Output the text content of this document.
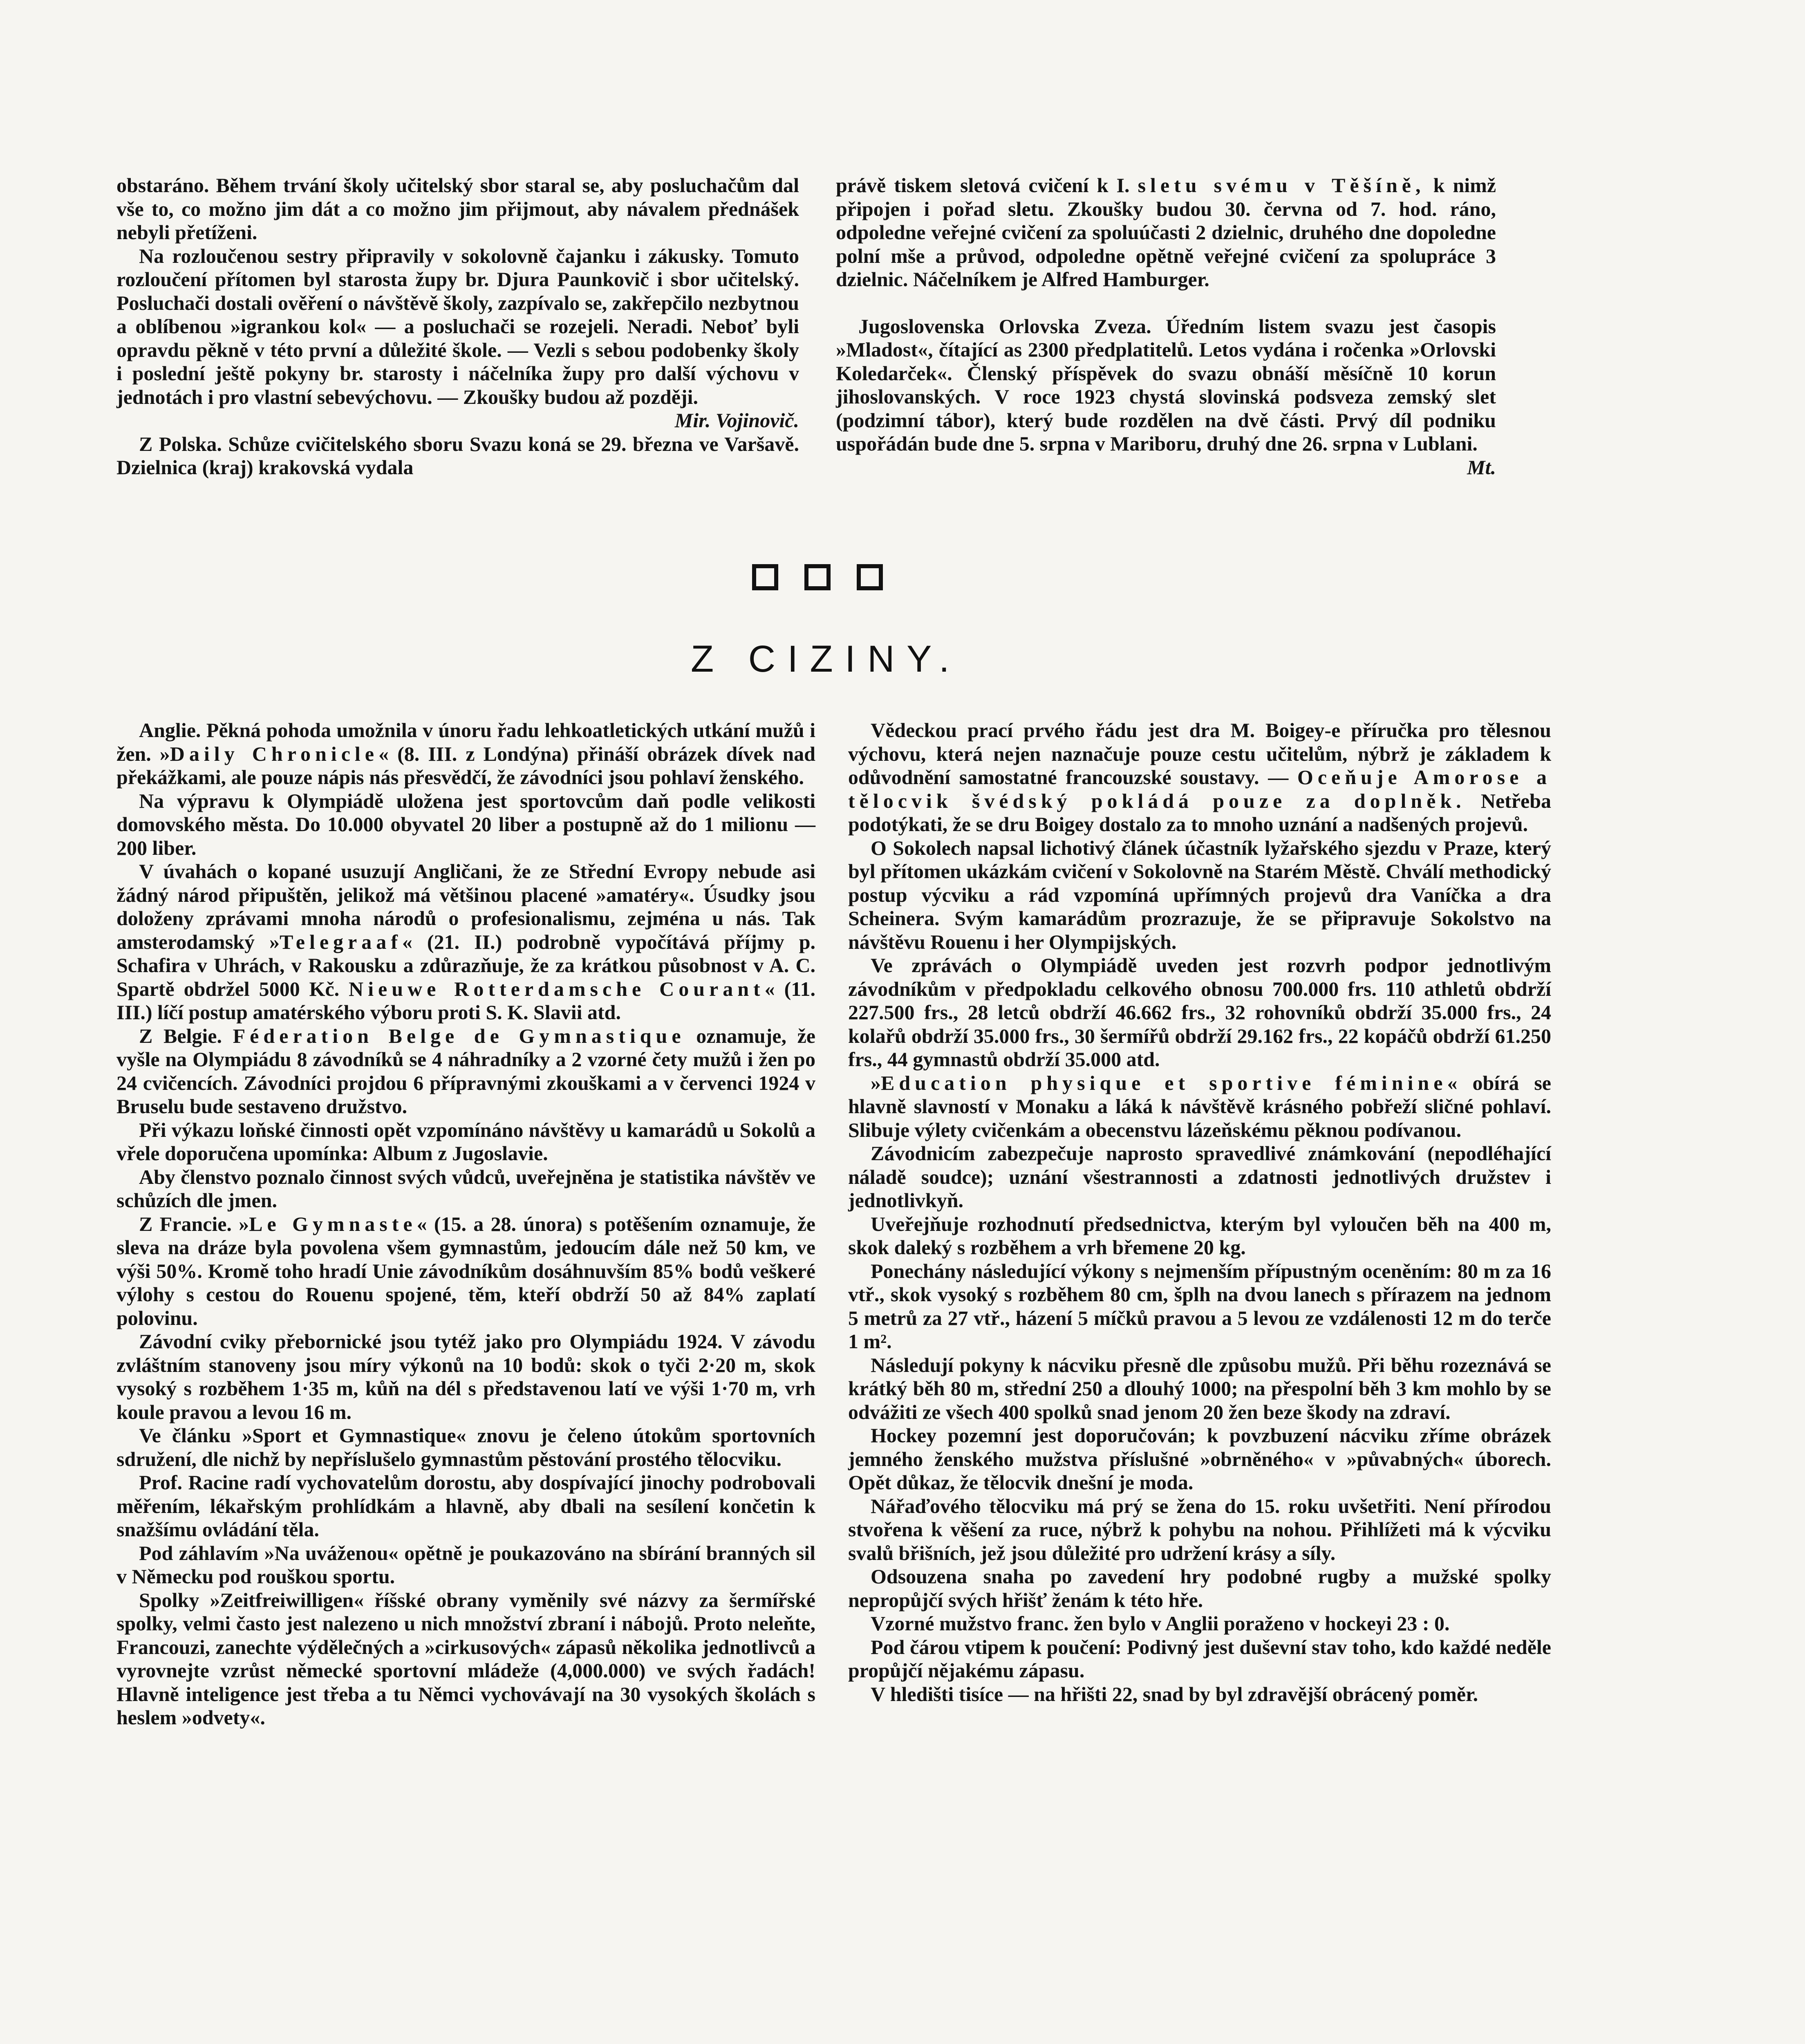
obstaráno. Během trvání školy učitelský sbor staral se, aby posluchačům dal vše to, co možno jim dát a co možno jim přijmout, aby návalem přednášek nebyli přetíženi.

Na rozloučenou sestry připravily v sokolovně čajanku i zákusky. Tomuto rozloučení přítomen byl starosta župy br. Djura Paunkovič i sbor učitelský. Posluchači dostali ověření o návštěvě školy, zazpívalo se, zakřepčilo nezbytnou a oblíbenou »igrankou kol« — a posluchači se rozejeli. Neradi. Neboť byli opravdu pěkně v této první a důležité škole. — Vezli s sebou podobenky školy i poslední ještě pokyny br. starosty i náčelníka župy pro další výchovu v jednotách i pro vlastní sebevýchovu. — Zkoušky budou až později.

Mir. Vojinovič.

Z Polska. Schůze cvičitelského sboru Svazu koná se 29. března ve Varšavě. Dzielnica (kraj) krakovská vydala

právě tiskem sletová cvičení k I. sletu svému v Těšíně, k nimž připojen i pořad sletu. Zkoušky budou 30. června od 7. hod. ráno, odpoledne veřejné cvičení za spoluúčasti 2 dzielnic, druhého dne dopoledne polní mše a průvod, odpoledne opětně veřejné cvičení za spolupráce 3 dzielnic. Náčelníkem je Alfred Hamburger.

Jugoslovenska Orlovska Zveza. Úředním listem svazu jest časopis »Mladost«, čítající as 2300 předplatitelů. Letos vydána i ročenka »Orlovski Koledarček«. Členský příspěvek do svazu obnáší měsíčně 10 korun jihoslovanských. V roce 1923 chystá slovinská podsveza zemský slet (podzimní tábor), který bude rozdělen na dvě části. Prvý díl podniku uspořádán bude dne 5. srpna v Mariboru, druhý dne 26. srpna v Lublani.
Mt.

Z CIZINY.

Anglie. Pěkná pohoda umožnila v únoru řadu lehkoatletických utkání mužů i žen. »Daily Chronicle« (8. III. z Londýna) přináší obrázek dívek nad překážkami, ale pouze nápis nás přesvědčí, že závodníci jsou pohlaví ženského.

Na výpravu k Olympiádě uložena jest sportovcům daň podle velikosti domovského města. Do 10.000 obyvatel 20 liber a postupně až do 1 milionu — 200 liber.

V úvahách o kopané usuzují Angličani, že ze Střední Evropy nebude asi žádný národ připuštěn, jelikož má většinou placené »amatéry«. Úsudky jsou doloženy zprávami mnoha národů o profesionalismu, zejména u nás. Tak amsterodamský »Telegraaf« (21. II.) podrobně vypočítává příjmy p. Schafira v Uhrách, v Rakousku a zdůrazňuje, že za krátkou působnost v A. C. Spartě obdržel 5000 Kč. Nieuwe Rotterdamsche Courant« (11. III.) líčí postup amatérského výboru proti S. K. Slavii atd.

Z Belgie. Féderation Belge de Gymnastique oznamuje, že vyšle na Olympiádu 8 závodníků se 4 náhradníky a 2 vzorné čety mužů i žen po 24 cvičencích. Závodníci projdou 6 přípravnými zkouškami a v červenci 1924 v Bruselu bude sestaveno družstvo.

Při výkazu loňské činnosti opět vzpomínáno návštěvy u kamarádů u Sokolů a vřele doporučena upomínka: Album z Jugoslavie.

Aby členstvo poznalo činnost svých vůdců, uveřejněna je statistika návštěv ve schůzích dle jmen.

Z Francie. »Le Gymnaste« (15. a 28. února) s potěšením oznamuje, že sleva na dráze byla povolena všem gymnastům, jedoucím dále než 50 km, ve výši 50%. Kromě toho hradí Unie závodníkům dosáhnuvším 85% bodů veškeré výlohy s cestou do Rouenu spojené, těm, kteří obdrží 50 až 84% zaplatí polovinu.

Závodní cviky přebornické jsou tytéž jako pro Olympiádu 1924. V závodu zvláštním stanoveny jsou míry výkonů na 10 bodů: skok o tyči 2·20 m, skok vysoký s rozběhem 1·35 m, kůň na dél s představenou latí ve výši 1·70 m, vrh koule pravou a levou 16 m.

Ve článku »Sport et Gymnastique« znovu je čeleno útokům sportovních sdružení, dle nichž by nepříslušelo gymnastům pěstování prostého tělocviku.

Prof. Racine radí vychovatelům dorostu, aby dospívající jinochy podrobovali měřením, lékařským prohlídkám a hlavně, aby dbali na sesílení končetin k snažšímu ovládání těla.

Pod záhlavím »Na uváženou« opětně je poukazováno na sbírání branných sil v Německu pod rouškou sportu.

Spolky »Zeitfreiwilligen« říšské obrany vyměnily své názvy za šermířské spolky, velmi často jest nalezeno u nich množství zbraní i nábojů. Proto neleňte, Francouzi, zanechte výdělečných a »cirkusových« zápasů několika jednotlivců a vyrovnejte vzrůst německé sportovní mládeže (4,000.000) ve svých řadách! Hlavně inteligence jest třeba a tu Němci vychovávají na 30 vysokých školách s heslem »odvety«.

Vědeckou prací prvého řádu jest dra M. Boigey-e příručka pro tělesnou výchovu, která nejen naznačuje pouze cestu učitelům, nýbrž je základem k odůvodnění samostatné francouzské soustavy. — Oceňuje Amorose a tělocvik švédský pokládá pouze za doplněk. Netřeba podotýkati, že se dru Boigey dostalo za to mnoho uznání a nadšených projevů.

O Sokolech napsal lichotivý článek účastník lyžařského sjezdu v Praze, který byl přítomen ukázkám cvičení v Sokolovně na Starém Městě. Chválí methodický postup výcviku a rád vzpomíná upřímných projevů dra Vaníčka a dra Scheinera. Svým kamarádům prozrazuje, že se připravuje Sokolstvo na návštěvu Rouenu i her Olympijských.

Ve zprávách o Olympiádě uveden jest rozvrh podpor jednotlivým závodníkům v předpokladu celkového obnosu 700.000 frs. 110 athletů obdrží 227.500 frs., 28 letců obdrží 46.662 frs., 32 rohovníků obdrží 35.000 frs., 24 kolařů obdrží 35.000 frs., 30 šermířů obdrží 29.162 frs., 22 kopáčů obdrží 61.250 frs., 44 gymnastů obdrží 35.000 atd.

»Education physique et sportive féminine« obírá se hlavně slavností v Monaku a láká k návštěvě krásného pobřeží sličné pohlaví. Slibuje výlety cvičenkám a obecenstvu lázeňskému pěknou podívanou.

Závodnicím zabezpečuje naprosto spravedlivé známkování (nepodléhající náladě soudce); uznání všestrannosti a zdatnosti jednotlivých družstev i jednotlivkyň.

Uveřejňuje rozhodnutí předsednictva, kterým byl vyloučen běh na 400 m, skok daleký s rozběhem a vrh břemene 20 kg.

Ponechány následující výkony s nejmenším přípustným oceněním: 80 m za 16 vtř., skok vysoký s rozběhem 80 cm, šplh na dvou lanech s přírazem na jednom 5 metrů za 27 vtř., házení 5 míčků pravou a 5 levou ze vzdálenosti 12 m do terče 1 m².

Následují pokyny k nácviku přesně dle způsobu mužů. Při běhu rozeznává se krátký běh 80 m, střední 250 a dlouhý 1000; na přespolní běh 3 km mohlo by se odvážiti ze všech 400 spolků snad jenom 20 žen beze škody na zdraví.

Hockey pozemní jest doporučován; k povzbuzení nácviku zříme obrázek jemného ženského mužstva příslušné »obrněného« v »půvabných« úborech. Opět důkaz, že tělocvik dnešní je moda.

Nářaďového tělocviku má prý se žena do 15. roku uvšetřiti. Není přírodou stvořena k věšení za ruce, nýbrž k pohybu na nohou. Přihlížeti má k výcviku svalů břišních, jež jsou důležité pro udržení krásy a síly.

Odsouzena snaha po zavedení hry podobné rugby a mužské spolky nepropůjčí svých hřišť ženám k této hře.

Vzorné mužstvo franc. žen bylo v Anglii poraženo v hockeyi 23 : 0.

Pod čárou vtipem k poučení: Podivný jest duševní stav toho, kdo každé neděle propůjčí nějakému zápasu.

V hledišti tisíce — na hřišti 22, snad by byl zdravější obrácený poměr.
